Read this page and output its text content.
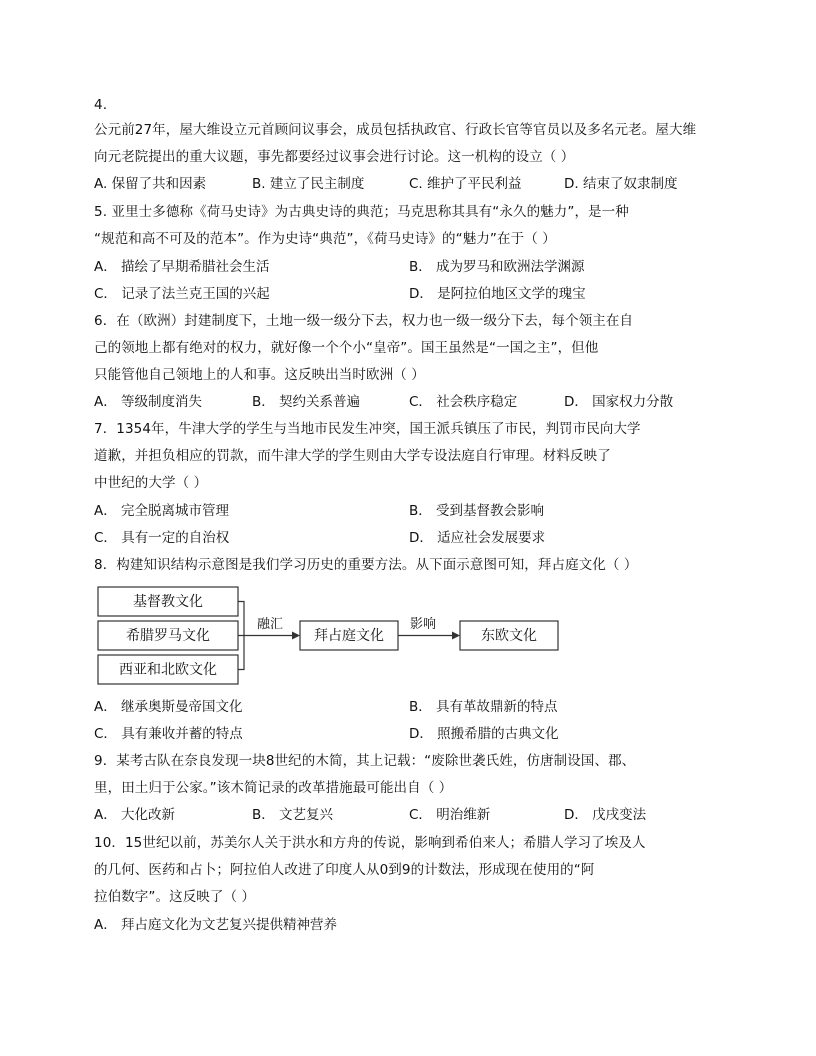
4.
公元前27年，屋大维设立元首顾问议事会，成员包括执政官、行政长官等官员以及多名元老。屋大维
向元老院提出的重大议题，事先都要经过议事会进行讨论。这一机构的设立（ ）
A. 保留了共和因素	B. 建立了民主制度	C. 维护了平民利益	D. 结束了奴隶制度
5. 亚里士多德称《荷马史诗》为古典史诗的典范；马克思称其具有“永久的魅力”，是一种
“规范和高不可及的范本”。作为史诗“典范”，《荷马史诗》的“魅力”在于（ ）
A． 描绘了早期希腊社会生活	B． 成为罗马和欧洲法学渊源
C． 记录了法兰克王国的兴起	D． 是阿拉伯地区文学的瑰宝
6．在（欧洲）封建制度下，土地一级一级分下去，权力也一级一级分下去，每个领主在自
己的领地上都有绝对的权力，就好像一个个小“皇帝”。国王虽然是“一国之主”，但他
只能管他自己领地上的人和事。这反映出当时欧洲（ ）
A． 等级制度消失	B． 契约关系普遍	C． 社会秩序稳定	D． 国家权力分散
7．1354年，牛津大学的学生与当地市民发生冲突，国王派兵镇压了市民，判罚市民向大学
道歉，并担负相应的罚款，而牛津大学的学生则由大学专设法庭自行审理。材料反映了
中世纪的大学（ ）
A． 完全脱离城市管理	B． 受到基督教会影响
C． 具有一定的自治权	D． 适应社会发展要求
8．构建知识结构示意图是我们学习历史的重要方法。从下面示意图可知，拜占庭文化（ ）
基督教文化
希腊罗马文化
西亚和北欧文化
拜占庭文化	东欧文化
融汇	影响
A． 继承奥斯曼帝国文化	B． 具有革故鼎新的特点
C． 具有兼收并蓄的特点	D． 照搬希腊的古典文化
9．某考古队在奈良发现一块8世纪的木简，其上记载：“废除世袭氏姓，仿唐制设国、郡、
里，田土归于公家。”该木简记录的改革措施最可能出自（ ）
A． 大化改新	B． 文艺复兴	C． 明治维新	D． 戊戌变法
10．15世纪以前，苏美尔人关于洪水和方舟的传说，影响到希伯来人；希腊人学习了埃及人
的几何、医药和占卜；阿拉伯人改进了印度人从0到9的计数法，形成现在使用的“阿
拉伯数字”。这反映了（ ）
A． 拜占庭文化为文艺复兴提供精神营养
